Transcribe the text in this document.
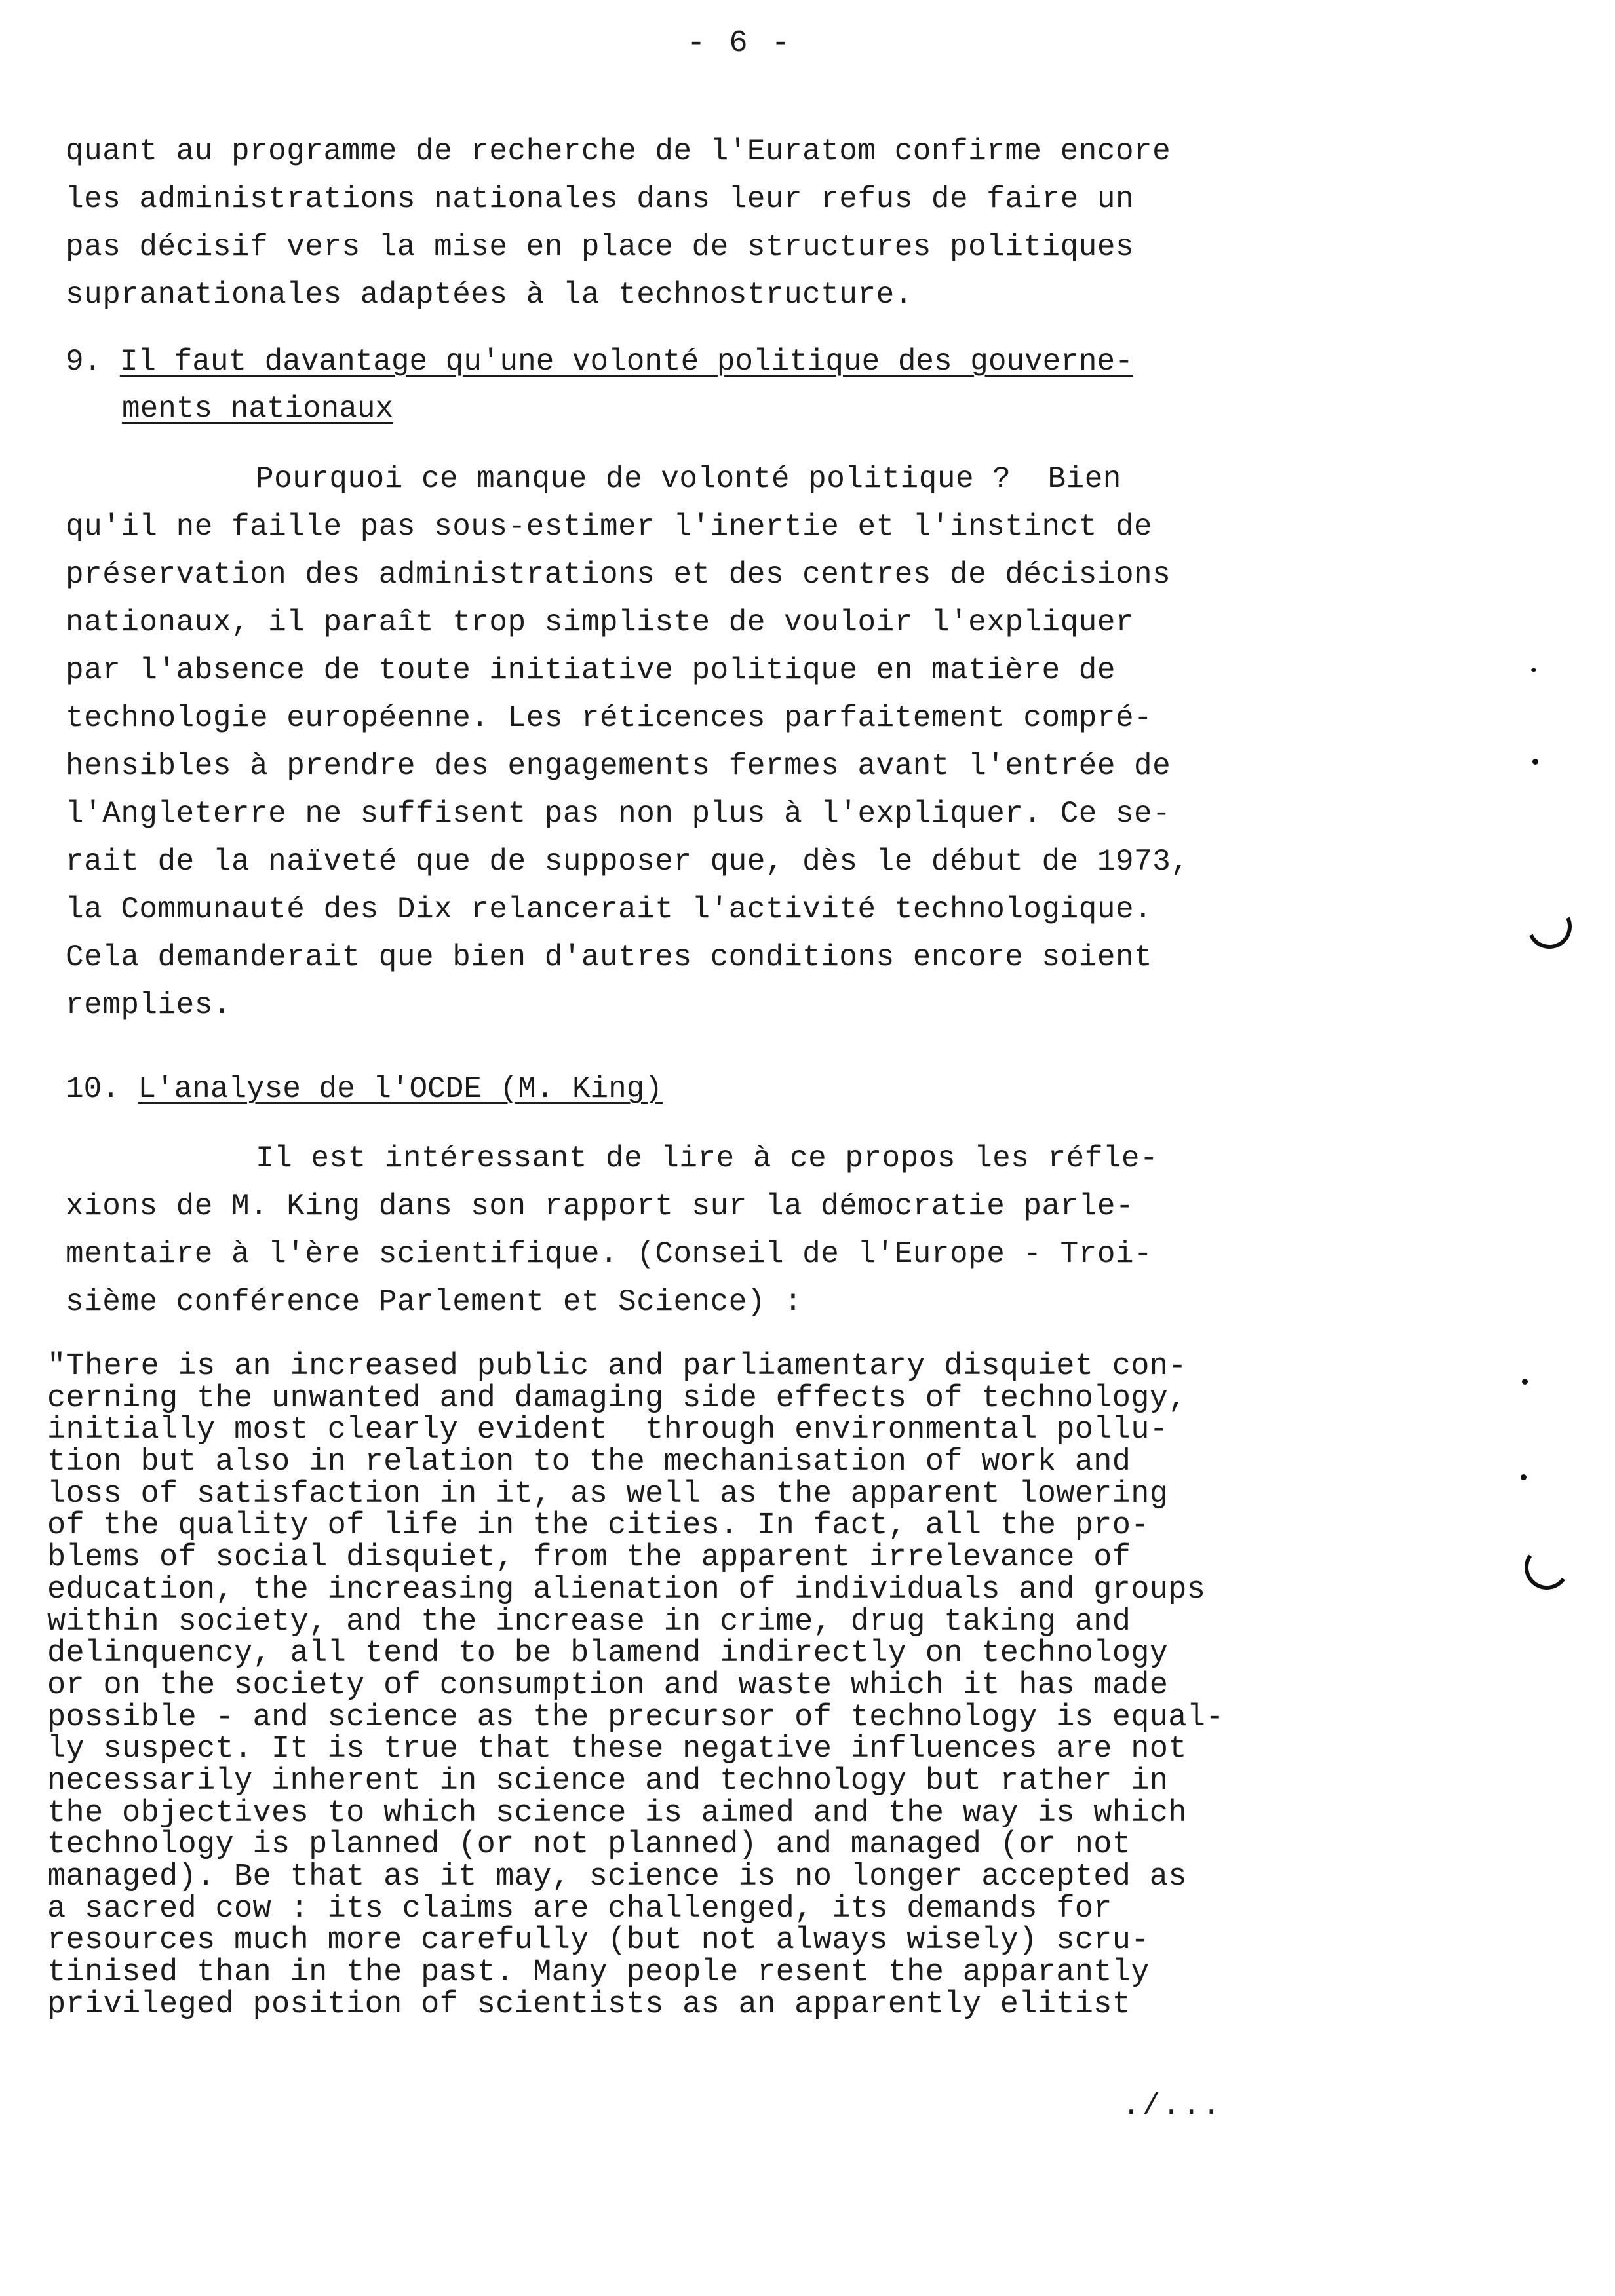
- 6 -
quant au programme de recherche de l'Euratom confirme encore
les administrations nationales dans leur refus de faire un
pas décisif vers la mise en place de structures politiques
supranationales adaptées à la technostructure.
9. Il faut davantage qu'une volonté politique des gouverne-
ments nationaux
Pourquoi ce manque de volonté politique ?  Bien
qu'il ne faille pas sous-estimer l'inertie et l'instinct de
préservation des administrations et des centres de décisions
nationaux, il paraît trop simpliste de vouloir l'expliquer
par l'absence de toute initiative politique en matière de
technologie européenne. Les réticences parfaitement compré-
hensibles à prendre des engagements fermes avant l'entrée de
l'Angleterre ne suffisent pas non plus à l'expliquer. Ce se-
rait de la naïveté que de supposer que, dès le début de 1973,
la Communauté des Dix relancerait l'activité technologique.
Cela demanderait que bien d'autres conditions encore soient
remplies.
10. L'analyse de l'OCDE (M. King)
Il est intéressant de lire à ce propos les réfle-
xions de M. King dans son rapport sur la démocratie parle-
mentaire à l'ère scientifique. (Conseil de l'Europe - Troi-
sième conférence Parlement et Science) :
"There is an increased public and parliamentary disquiet con-
cerning the unwanted and damaging side effects of technology,
initially most clearly evident  through environmental pollu-
tion but also in relation to the mechanisation of work and
loss of satisfaction in it, as well as the apparent lowering
of the quality of life in the cities. In fact, all the pro-
blems of social disquiet, from the apparent irrelevance of
education, the increasing alienation of individuals and groups
within society, and the increase in crime, drug taking and
delinquency, all tend to be blamend indirectly on technology
or on the society of consumption and waste which it has made
possible - and science as the precursor of technology is equal-
ly suspect. It is true that these negative influences are not
necessarily inherent in science and technology but rather in
the objectives to which science is aimed and the way is which
technology is planned (or not planned) and managed (or not
managed). Be that as it may, science is no longer accepted as
a sacred cow : its claims are challenged, its demands for
resources much more carefully (but not always wisely) scru-
tinised than in the past. Many people resent the apparantly
privileged position of scientists as an apparently elitist
./...
